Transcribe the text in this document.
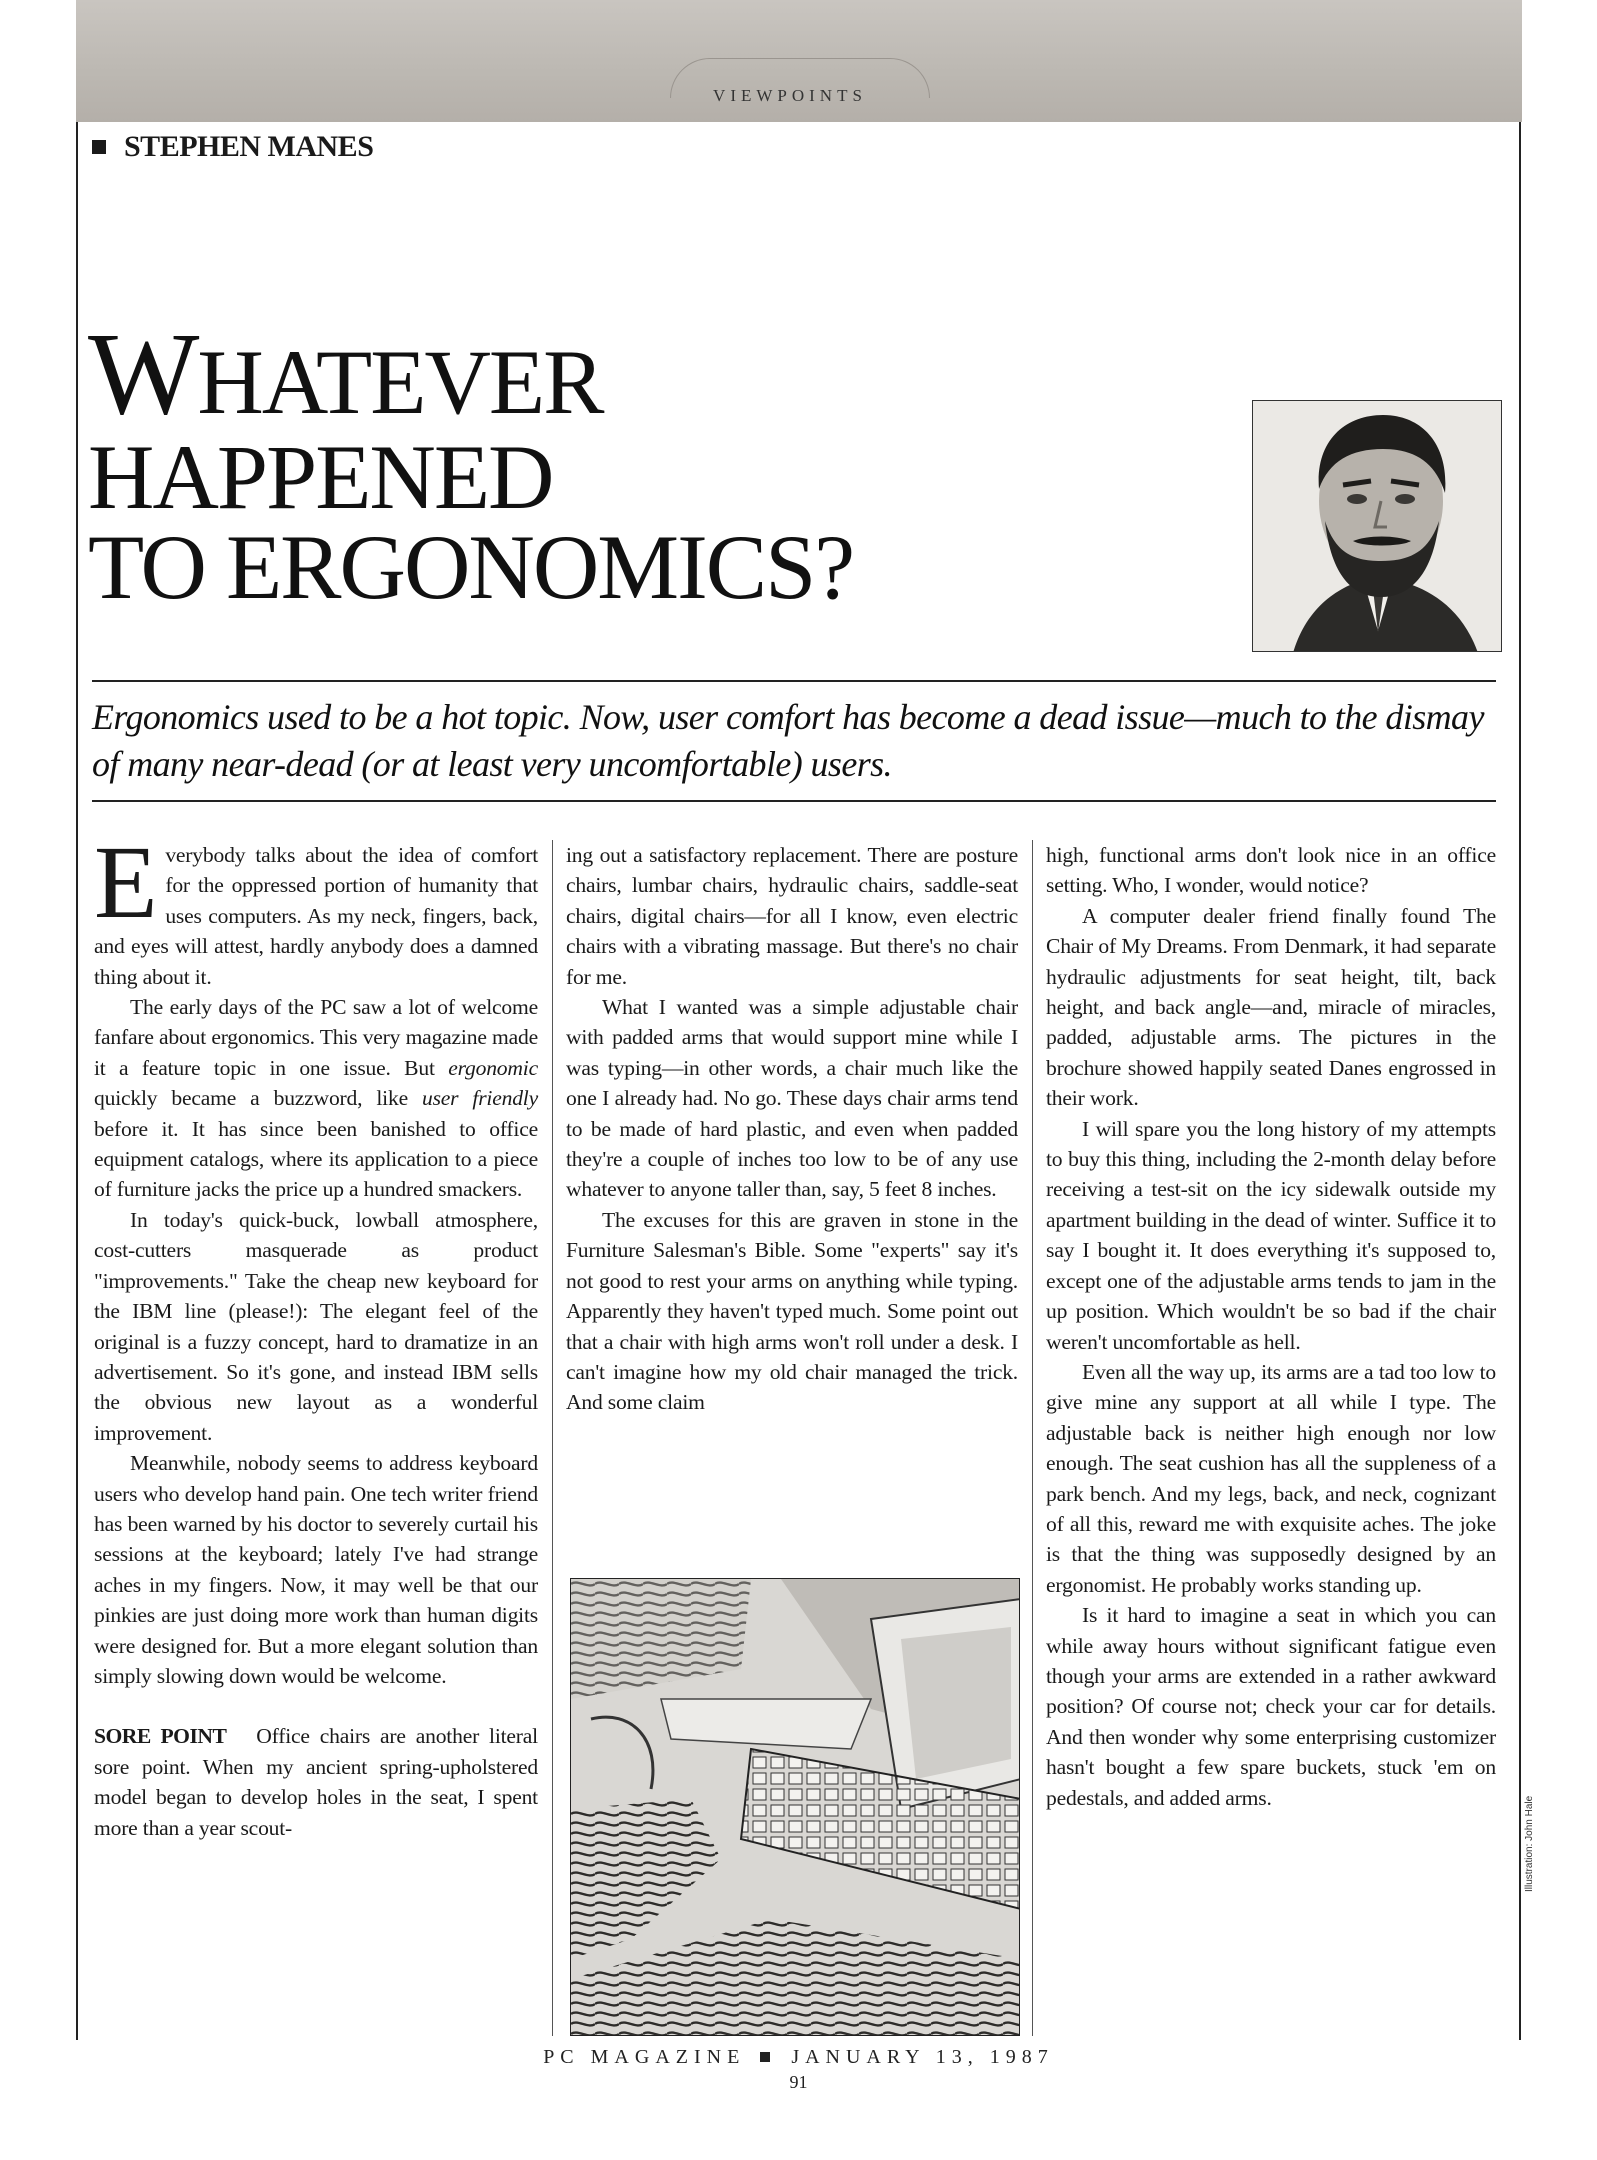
VIEWPOINTS
STEPHEN MANES
WHATEVER
HAPPENED
TO ERGONOMICS?

Ergonomics used to be a hot topic. Now, user comfort has become a dead issue—much to the dismay of many near-dead (or at least very uncomfortable) users.

Everybody talks about the idea of comfort for the oppressed portion of humanity that uses computers. As my neck, fingers, back, and eyes will attest, hardly anybody does a damned thing about it.

The early days of the PC saw a lot of welcome fanfare about ergonomics. This very magazine made it a feature topic in one issue. But ergonomic quickly became a buzzword, like user friendly before it. It has since been banished to office equipment catalogs, where its application to a piece of furniture jacks the price up a hundred smackers.

In today's quick-buck, lowball atmosphere, cost-cutters masquerade as product "improvements." Take the cheap new keyboard for the IBM line (please!): The elegant feel of the original is a fuzzy concept, hard to dramatize in an advertisement. So it's gone, and instead IBM sells the obvious new layout as a wonderful improvement.

Meanwhile, nobody seems to address keyboard users who develop hand pain. One tech writer friend has been warned by his doctor to severely curtail his sessions at the keyboard; lately I've had strange aches in my fingers. Now, it may well be that our pinkies are just doing more work than human digits were designed for. But a more elegant solution than simply slowing down would be welcome.

SORE POINT Office chairs are another literal sore point. When my ancient spring-upholstered model began to develop holes in the seat, I spent more than a year scout-

ing out a satisfactory replacement. There are posture chairs, lumbar chairs, hydraulic chairs, saddle-seat chairs, digital chairs—for all I know, even electric chairs with a vibrating massage. But there's no chair for me.

What I wanted was a simple adjustable chair with padded arms that would support mine while I was typing—in other words, a chair much like the one I already had. No go. These days chair arms tend to be made of hard plastic, and even when padded they're a couple of inches too low to be of any use whatever to anyone taller than, say, 5 feet 8 inches.

The excuses for this are graven in stone in the Furniture Salesman's Bible. Some "experts" say it's not good to rest your arms on anything while typing. Apparently they haven't typed much. Some point out that a chair with high arms won't roll under a desk. I can't imagine how my old chair managed the trick. And some claim

high, functional arms don't look nice in an office setting. Who, I wonder, would notice?

A computer dealer friend finally found The Chair of My Dreams. From Denmark, it had separate hydraulic adjustments for seat height, tilt, back height, and back angle—and, miracle of miracles, padded, adjustable arms. The pictures in the brochure showed happily seated Danes engrossed in their work.

I will spare you the long history of my attempts to buy this thing, including the 2-month delay before receiving a test-sit on the icy sidewalk outside my apartment building in the dead of winter. Suffice it to say I bought it. It does everything it's supposed to, except one of the adjustable arms tends to jam in the up position. Which wouldn't be so bad if the chair weren't uncomfortable as hell.

Even all the way up, its arms are a tad too low to give mine any support at all while I type. The adjustable back is neither high enough nor low enough. The seat cushion has all the suppleness of a park bench. And my legs, back, and neck, cognizant of all this, reward me with exquisite aches. The joke is that the thing was supposedly designed by an ergonomist. He probably works standing up.

Is it hard to imagine a seat in which you can while away hours without significant fatigue even though your arms are extended in a rather awkward position? Of course not; check your car for details. And then wonder why some enterprising customizer hasn't bought a few spare buckets, stuck 'em on pedestals, and added arms.	Illustration: John Hale
PC MAGAZINE JANUARY 13, 1987
91
